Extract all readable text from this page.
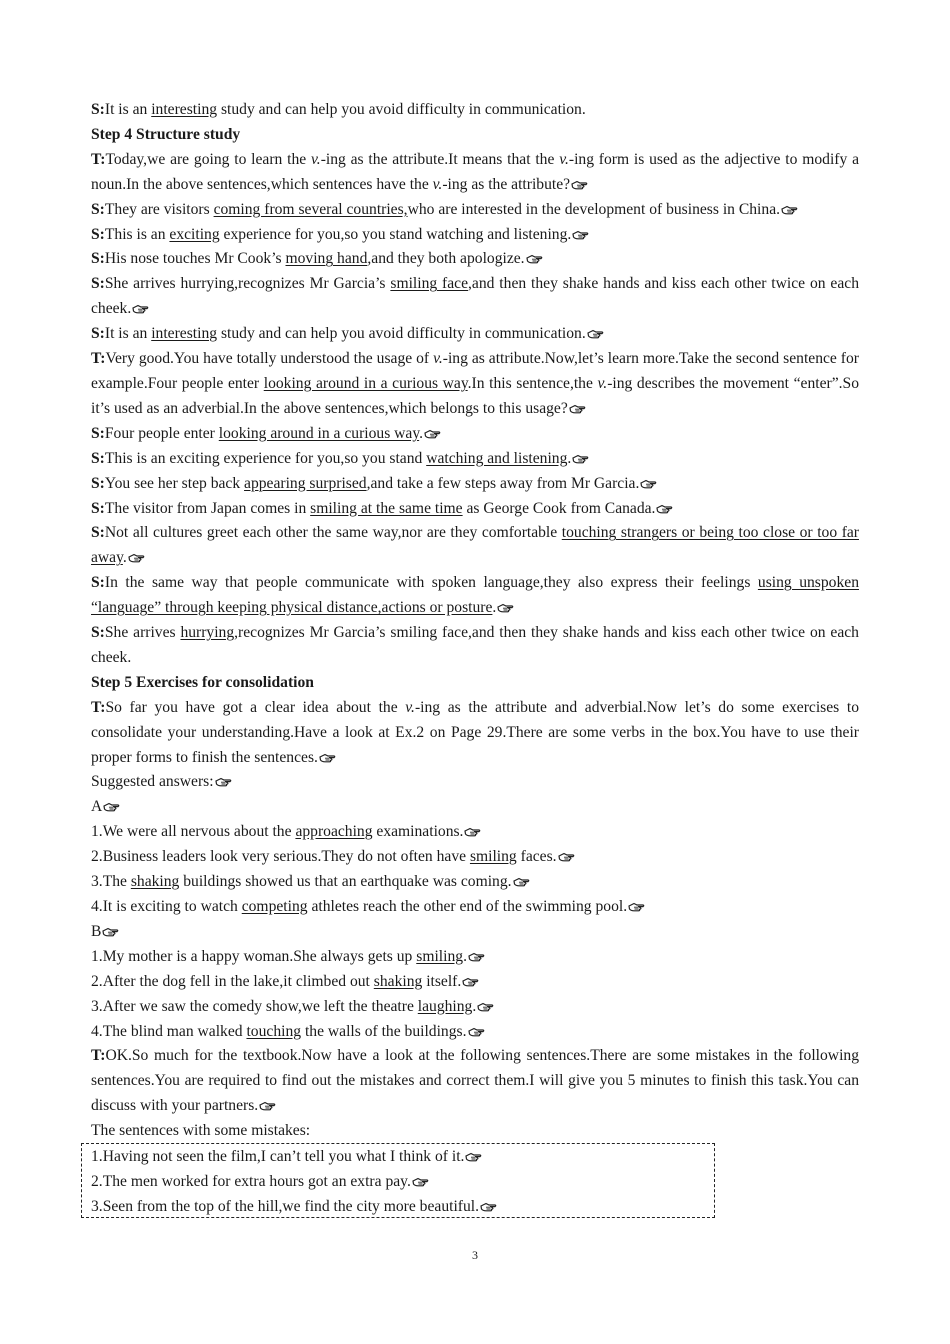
S:It is an interesting study and can help you avoid difficulty in communication.

Step 4 Structure study

T:Today,we are going to learn the v.-ing as the attribute.It means that the v.-ing form is used as the adjective to modify a noun.In the above sentences,which sentences have the v.-ing as the attribute?

S:They are visitors coming from several countries,who are interested in the development of business in China.

S:This is an exciting experience for you,so you stand watching and listening.

S:His nose touches Mr Cook’s moving hand,and they both apologize.

S:She arrives hurrying,recognizes Mr Garcia’s smiling face,and then they shake hands and kiss each other twice on each cheek.

S:It is an interesting study and can help you avoid difficulty in communication.

T:Very good.You have totally understood the usage of v.-ing as attribute.Now,let’s learn more.Take the second sentence for example.Four people enter looking around in a curious way.In this sentence,the v.-ing describes the movement “enter”.So it’s used as an adverbial.In the above sentences,which belongs to this usage?

S:Four people enter looking around in a curious way.

S:This is an exciting experience for you,so you stand watching and listening.

S:You see her step back appearing surprised,and take a few steps away from Mr Garcia.

S:The visitor from Japan comes in smiling at the same time as George Cook from Canada.

S:Not all cultures greet each other the same way,nor are they comfortable touching strangers or being too close or too far away.

S:In the same way that people communicate with spoken language,they also express their feelings using unspoken “language” through keeping physical distance,actions or posture.

S:She arrives hurrying,recognizes Mr Garcia’s smiling face,and then they shake hands and kiss each other twice on each cheek.

Step 5 Exercises for consolidation

T:So far you have got a clear idea about the v.-ing as the attribute and adverbial.Now let’s do some exercises to consolidate your understanding.Have a look at Ex.2 on Page 29.There are some verbs in the box.You have to use their proper forms to finish the sentences.

Suggested answers:

A

1.We were all nervous about the approaching examinations.

2.Business leaders look very serious.They do not often have smiling faces.

3.The shaking buildings showed us that an earthquake was coming.

4.It is exciting to watch competing athletes reach the other end of the swimming pool.

B

1.My mother is a happy woman.She always gets up smiling.

2.After the dog fell in the lake,it climbed out shaking itself.

3.After we saw the comedy show,we left the theatre laughing.

4.The blind man walked touching the walls of the buildings.

T:OK.So much for the textbook.Now have a look at the following sentences.There are some mistakes in the following sentences.You are required to find out the mistakes and correct them.I will give you 5 minutes to finish this task.You can discuss with your partners.

The sentences with some mistakes:

1.Having not seen the film,I can’t tell you what I think of it.

2.The men worked for extra hours got an extra pay.

3.Seen from the top of the hill,we find the city more beautiful.

3
